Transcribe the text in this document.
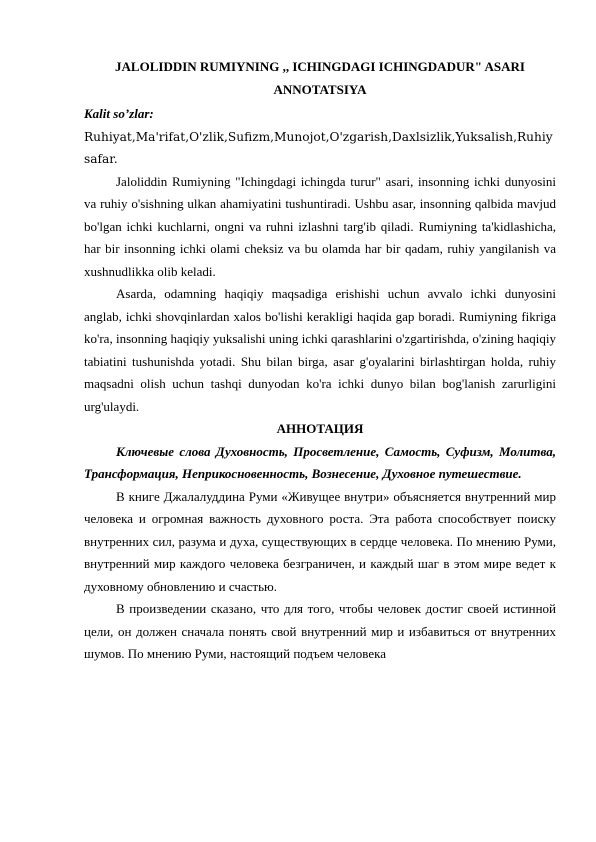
JALOLIDDIN RUMIYNING ,, ICHINGDAGI ICHINGDADUR" ASARI ANNOTATSIYA

Kalit so’zlar:

Ruhiyat,Ma'rifat,O'zlik,Sufizm,Munojot,O'zgarish,Daxlsizlik,Yuksalish,Ruhiy safar.

Jaloliddin Rumiyning "Ichingdagi ichingda turur" asari, insonning ichki dunyosini va ruhiy o'sishning ulkan ahamiyatini tushuntiradi. Ushbu asar, insonning qalbida mavjud bo'lgan ichki kuchlarni, ongni va ruhni izlashni targ'ib qiladi. Rumiyning ta'kidlashicha, har bir insonning ichki olami cheksiz va bu olamda har bir qadam, ruhiy yangilanish va xushnudlikka olib keladi.

Asarda, odamning haqiqiy maqsadiga erishishi uchun avvalo ichki dunyosini anglab, ichki shovqinlardan xalos bo'lishi kerakligi haqida gap boradi. Rumiyning fikriga ko'ra, insonning haqiqiy yuksalishi uning ichki qarashlarini o'zgartirishda, o'zining haqiqiy tabiatini tushunishda yotadi. Shu bilan birga, asar g'oyalarini birlashtirgan holda, ruhiy maqsadni olish uchun tashqi dunyodan ko'ra ichki dunyo bilan bog'lanish zarurligini urg'ulaydi.

АННОТАЦИЯ

Ключевые слова Духовность, Просветление, Самость, Суфизм, Молитва, Трансформация, Неприкосновенность, Вознесение, Духовное путешествие.

В книге Джалалуддина Руми «Живущее внутри» объясняется внутренний мир человека и огромная важность духовного роста. Эта работа способствует поиску внутренних сил, разума и духа, существующих в сердце человека. По мнению Руми, внутренний мир каждого человека безграничен, и каждый шаг в этом мире ведет к духовному обновлению и счастью.

В произведении сказано, что для того, чтобы человек достиг своей истинной цели, он должен сначала понять свой внутренний мир и избавиться от внутренних шумов. По мнению Руми, настоящий подъем человека
